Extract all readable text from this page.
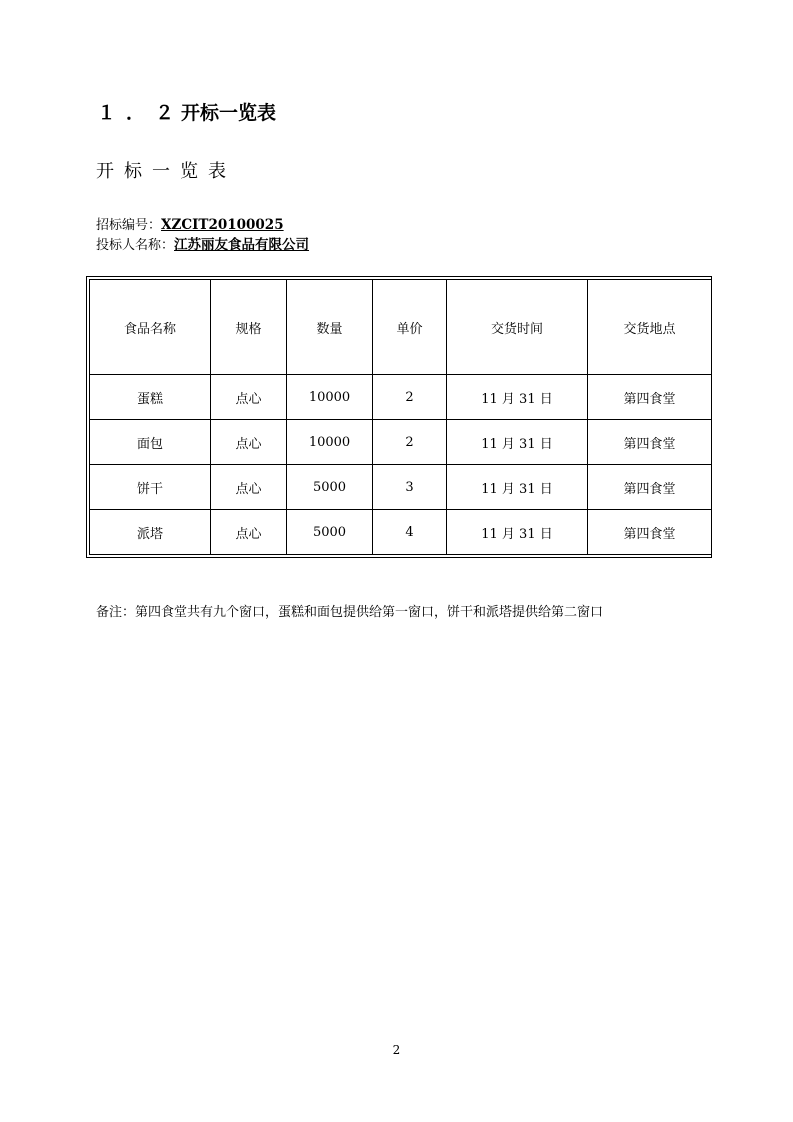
１．２开标一览表
开标一览表
招标编号：XZCIT20100025
投标人名称：江苏丽友食品有限公司
食品名称	规格	数量	单价	交货时间	交货地点
蛋糕	点心	10000	2	11 月 31 日	第四食堂
面包	点心	10000	2	11 月 31 日	第四食堂
饼干	点心	5000	3	11 月 31 日	第四食堂
派塔	点心	5000	4	11 月 31 日	第四食堂
备注：第四食堂共有九个窗口，蛋糕和面包提供给第一窗口，饼干和派塔提供给第二窗口
2
